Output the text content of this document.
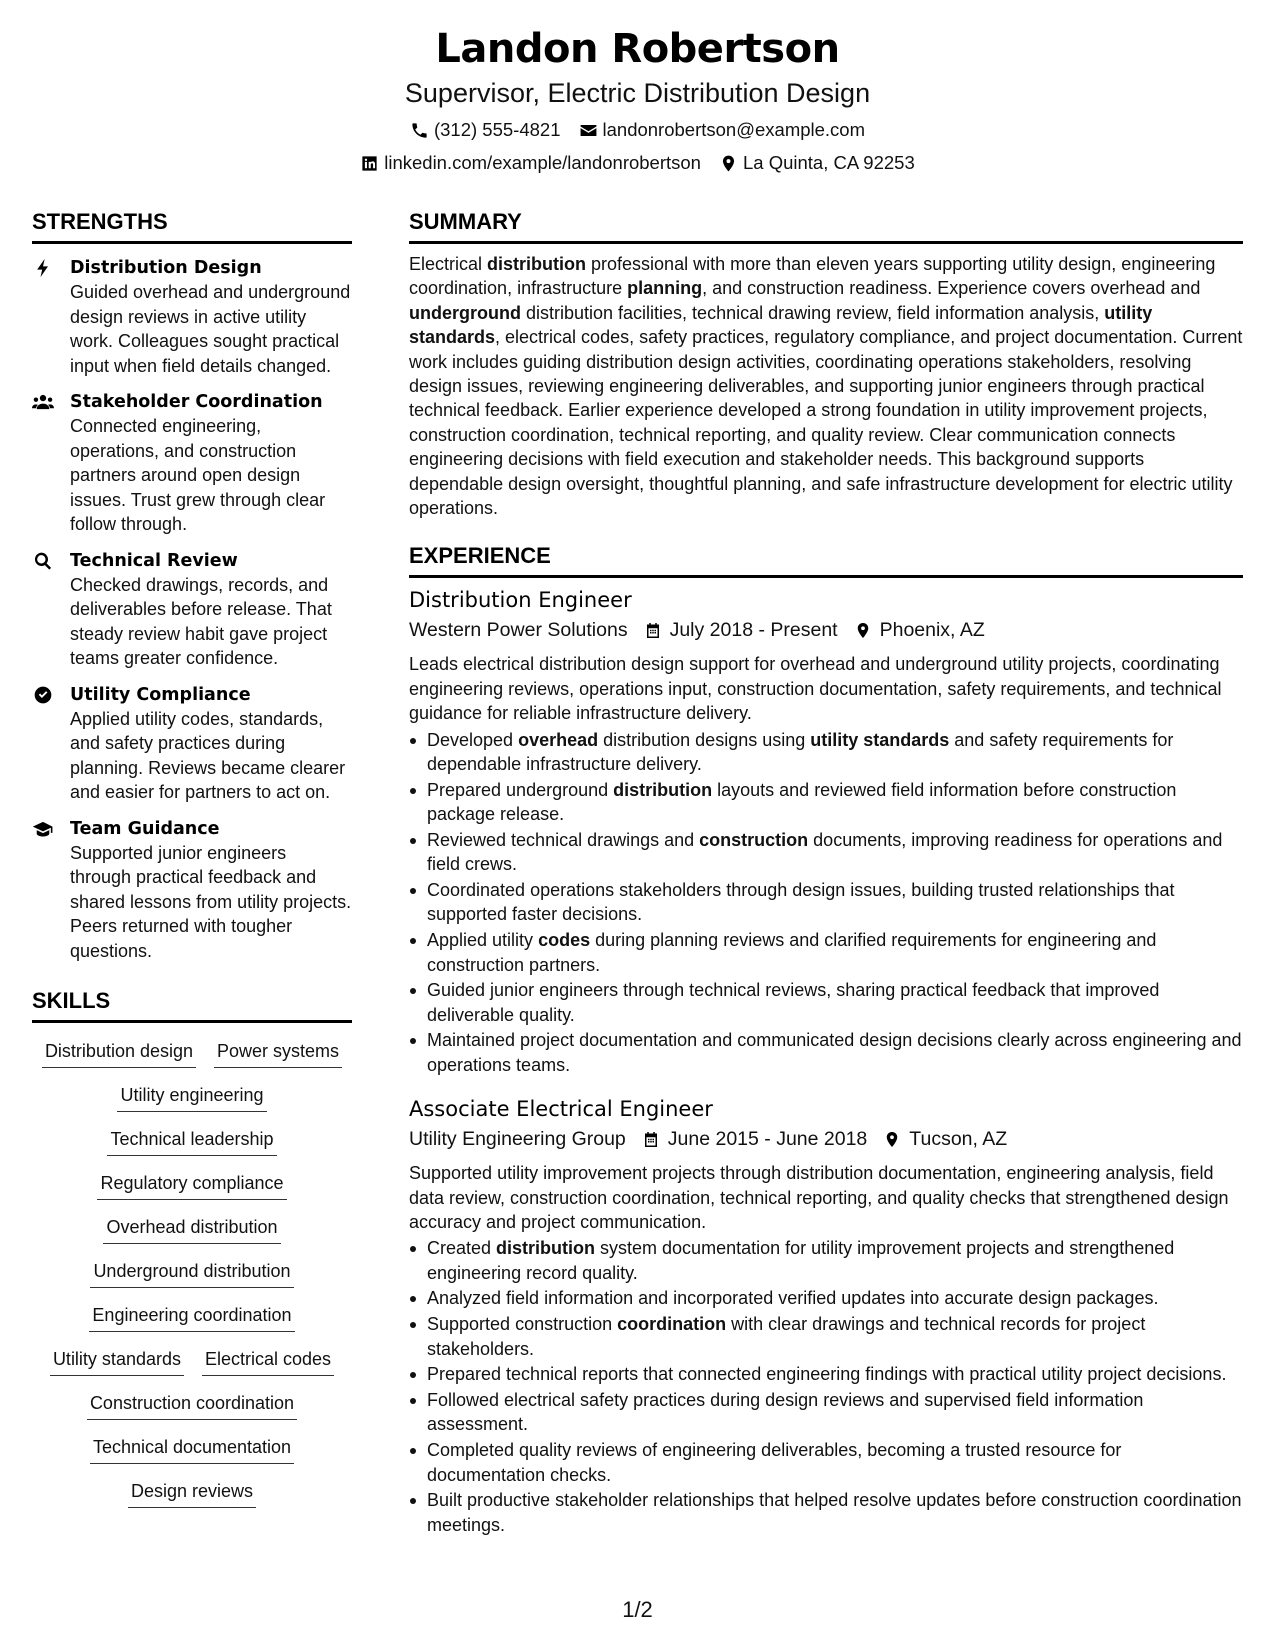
Landon Robertson
Supervisor, Electric Distribution Design
(312) 555-4821 landonrobertson@example.com
linkedin.com/example/landonrobertson La Quinta, CA 92253
STRENGTHS
Distribution Design
Guided overhead and underground design reviews in active utility work. Colleagues sought practical input when field details changed.
Stakeholder Coordination
Connected engineering, operations, and construction partners around open design issues. Trust grew through clear follow through.
Technical Review
Checked drawings, records, and deliverables before release. That steady review habit gave project teams greater confidence.
Utility Compliance
Applied utility codes, standards, and safety practices during planning. Reviews became clearer and easier for partners to act on.
Team Guidance
Supported junior engineers through practical feedback and shared lessons from utility projects. Peers returned with tougher questions.
SKILLS
Distribution design Power systems
Utility engineering
Technical leadership
Regulatory compliance
Overhead distribution
Underground distribution
Engineering coordination
Utility standards Electrical codes
Construction coordination
Technical documentation
Design reviews
SUMMARY

Electrical distribution professional with more than eleven years supporting utility design, engineering coordination, infrastructure planning, and construction readiness. Experience covers overhead and underground distribution facilities, technical drawing review, field information analysis, utility standards, electrical codes, safety practices, regulatory compliance, and project documentation. Current work includes guiding distribution design activities, coordinating operations stakeholders, resolving design issues, reviewing engineering deliverables, and supporting junior engineers through practical technical feedback. Earlier experience developed a strong foundation in utility improvement projects, construction coordination, technical reporting, and quality review. Clear communication connects engineering decisions with field execution and stakeholder needs. This background supports dependable design oversight, thoughtful planning, and safe infrastructure development for electric utility operations.

EXPERIENCE
Distribution Engineer
Western Power Solutions July 2018 - Present Phoenix, AZ

Leads electrical distribution design support for overhead and underground utility projects, coordinating engineering reviews, operations input, construction documentation, safety requirements, and technical guidance for reliable infrastructure delivery.

Developed overhead distribution designs using utility standards and safety requirements for dependable infrastructure delivery.
Prepared underground distribution layouts and reviewed field information before construction package release.
Reviewed technical drawings and construction documents, improving readiness for operations and field crews.
Coordinated operations stakeholders through design issues, building trusted relationships that supported faster decisions.
Applied utility codes during planning reviews and clarified requirements for engineering and construction partners.
Guided junior engineers through technical reviews, sharing practical feedback that improved deliverable quality.
Maintained project documentation and communicated design decisions clearly across engineering and operations teams.
Associate Electrical Engineer
Utility Engineering Group June 2015 - June 2018 Tucson, AZ

Supported utility improvement projects through distribution documentation, engineering analysis, field data review, construction coordination, technical reporting, and quality checks that strengthened design accuracy and project communication.

Created distribution system documentation for utility improvement projects and strengthened engineering record quality.
Analyzed field information and incorporated verified updates into accurate design packages.
Supported construction coordination with clear drawings and technical records for project stakeholders.
Prepared technical reports that connected engineering findings with practical utility project decisions.
Followed electrical safety practices during design reviews and supervised field information assessment.
Completed quality reviews of engineering deliverables, becoming a trusted resource for documentation checks.
Built productive stakeholder relationships that helped resolve updates before construction coordination meetings.
1/2
